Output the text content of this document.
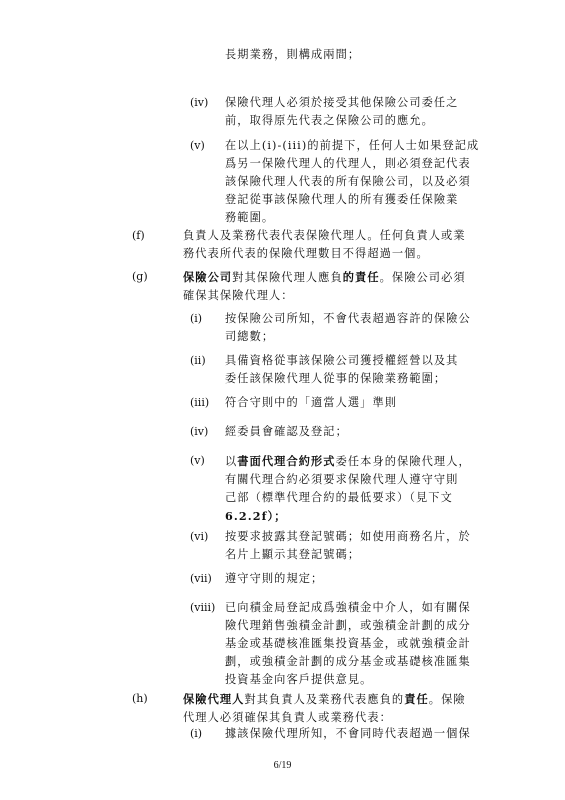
長期業務，則構成兩間；
(iv) 保險代理人必須於接受其他保險公司委任之
前，取得原先代表之保險公司的應允。
(v) 在以上(i)-(iii)的前提下，任何人士如果登記成
爲另一保險代理人的代理人，則必須登記代表
該保險代理人代表的所有保險公司，以及必須
登記從事該保險代理人的所有獲委任保險業
務範圍。
(f)	負責人及業務代表代表保險代理人。任何負責人或業
務代表所代表的保險代理數目不得超過一個。
(g)	保險公司對其保險代理人應負的責任。保險公司必須
確保其保險代理人：
(i) 按保險公司所知，不會代表超過容許的保險公
司總數；
(ii) 具備資格從事該保險公司獲授權經營以及其
委任該保險代理人從事的保險業務範圍；
(iii) 符合守則中的「適當人選」準則
(iv) 經委員會確認及登記；
(v) 以書面代理合約形式委任本身的保險代理人，
有關代理合約必須要求保險代理人遵守守則
己部（標準代理合約的最低要求）（見下文
6.2.2f）；
(vi) 按要求披露其登記號碼；如使用商務名片，於
名片上顯示其登記號碼；
(vii) 遵守守則的規定；
(viii) 已向積金局登記成爲強積金中介人，如有關保
險代理銷售強積金計劃，或強積金計劃的成分
基金或基礎核准匯集投資基金，或就強積金計
劃，或強積金計劃的成分基金或基礎核准匯集
投資基金向客戶提供意見。
(h)	保險代理人對其負責人及業務代表應負的責任。保險
代理人必須確保其負責人或業務代表：
(i) 據該保險代理所知，不會同時代表超過一個保
6/19
